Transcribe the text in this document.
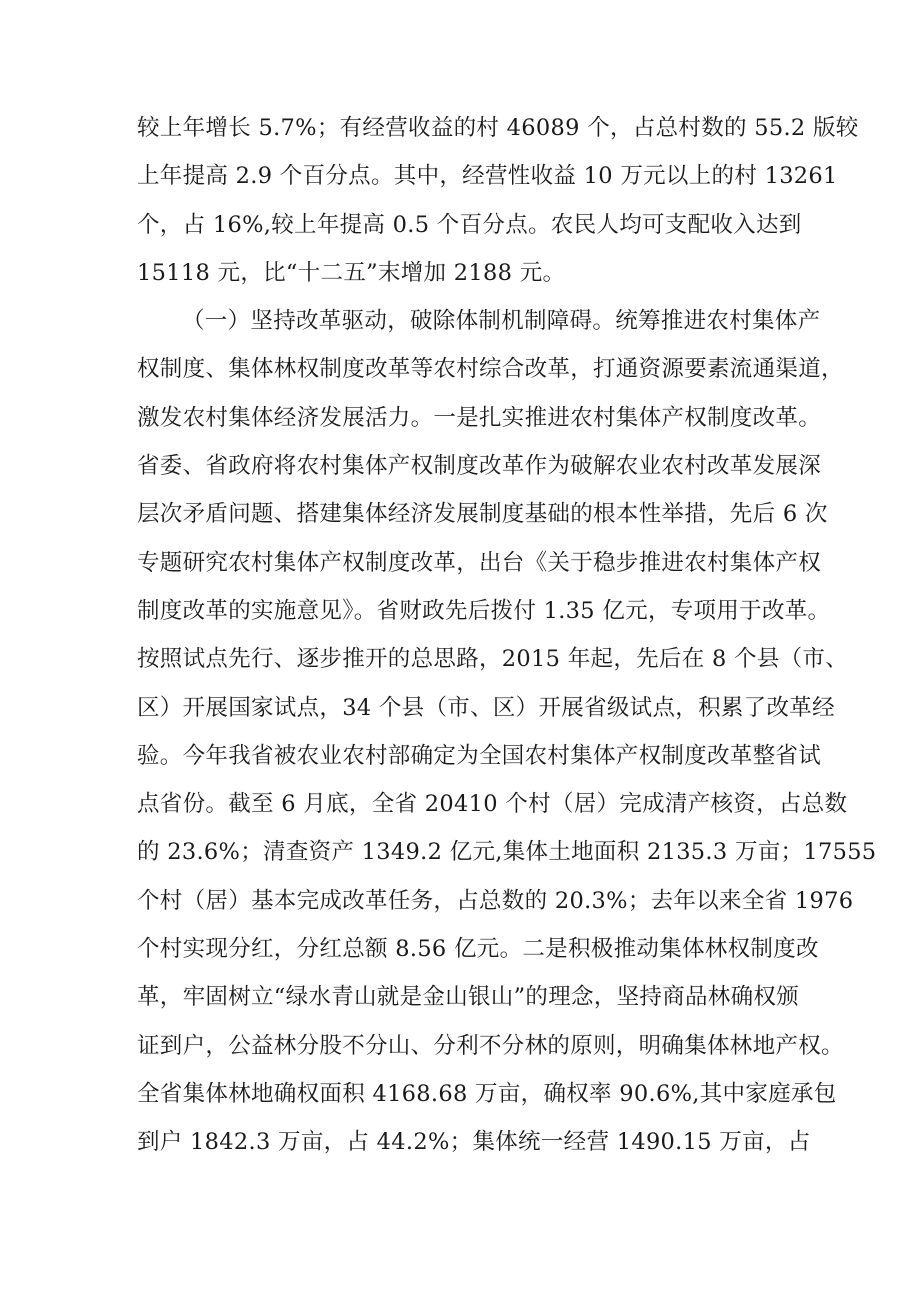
较上年增长 5.7%；有经营收益的村 46089 个，占总村数的 55.2 版较
上年提高 2.9 个百分点。其中，经营性收益 10 万元以上的村 13261
个，占 16%,较上年提高 0.5 个百分点。农民人均可支配收入达到
15118 元，比“十二五”末增加 2188 元。
（一）坚持改革驱动，破除体制机制障碍。统筹推进农村集体产
权制度、集体林权制度改革等农村综合改革，打通资源要素流通渠道，
激发农村集体经济发展活力。一是扎实推进农村集体产权制度改革。
省委、省政府将农村集体产权制度改革作为破解农业农村改革发展深
层次矛盾问题、搭建集体经济发展制度基础的根本性举措，先后 6 次
专题研究农村集体产权制度改革，出台《关于稳步推进农村集体产权
制度改革的实施意见》。省财政先后拨付 1.35 亿元，专项用于改革。
按照试点先行、逐步推开的总思路，2015 年起，先后在 8 个县（市、
区）开展国家试点，34 个县（市、区）开展省级试点，积累了改革经
验。今年我省被农业农村部确定为全国农村集体产权制度改革整省试
点省份。截至 6 月底，全省 20410 个村（居）完成清产核资，占总数
的 23.6%；清查资产 1349.2 亿元,集体土地面积 2135.3 万亩；17555
个村（居）基本完成改革任务，占总数的 20.3%；去年以来全省 1976
个村实现分红，分红总额 8.56 亿元。二是积极推动集体林权制度改
革，牢固树立“绿水青山就是金山银山”的理念，坚持商品林确权颁
证到户，公益林分股不分山、分利不分林的原则，明确集体林地产权。
全省集体林地确权面积 4168.68 万亩，确权率 90.6%,其中家庭承包
到户 1842.3 万亩，占 44.2%；集体统一经营 1490.15 万亩，占
